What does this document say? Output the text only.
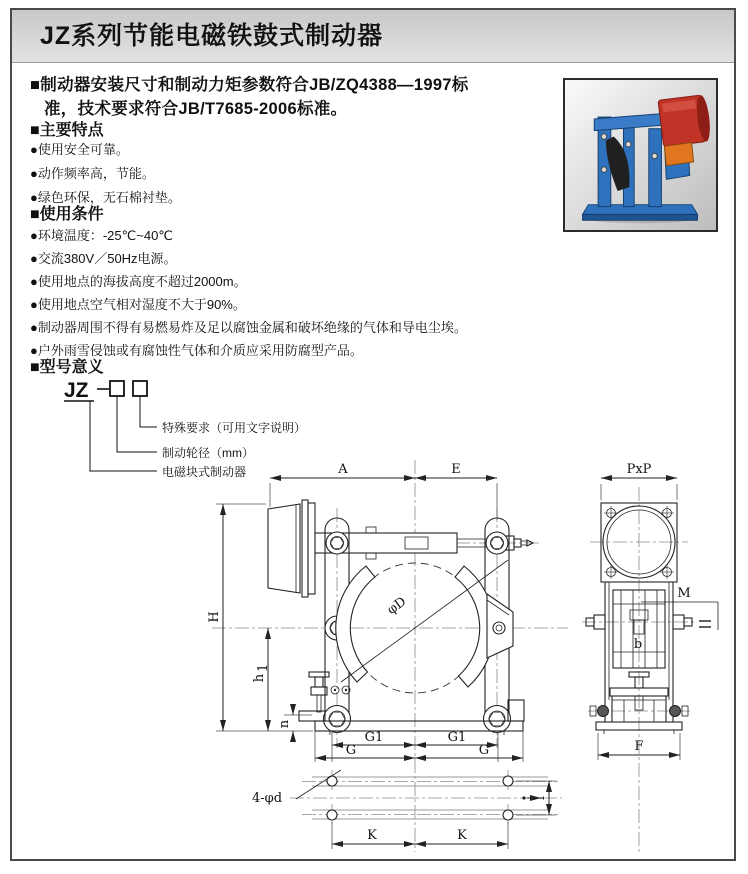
JZ系列节能电磁铁鼓式制动器
■制动器安装尺寸和制动力矩参数符合JB/ZQ4388—1997标
准，技术要求符合JB/T7685-2006标准。
■主要特点
●使用安全可靠。
●动作频率高，节能。
●绿色环保，无石棉衬垫。
■使用条件
●环境温度：-25℃~40℃
●交流380V／50Hz电源。
●使用地点的海拔高度不超过2000m。
●使用地点空气相对湿度不大于90%。
●制动器周围不得有易燃易炸及足以腐蚀金属和破坏绝缘的气体和导电尘埃。
●户外雨雪侵蚀或有腐蚀性气体和介质应采用防腐型产品。
■型号意义
JZ
特殊要求（可用文字说明）
制动轮径（mm）
电磁块式制动器
φD
A	E
H
h
1
n
G1	G1
G	G
4-φd	l
K	K
b
M
PxP
F
